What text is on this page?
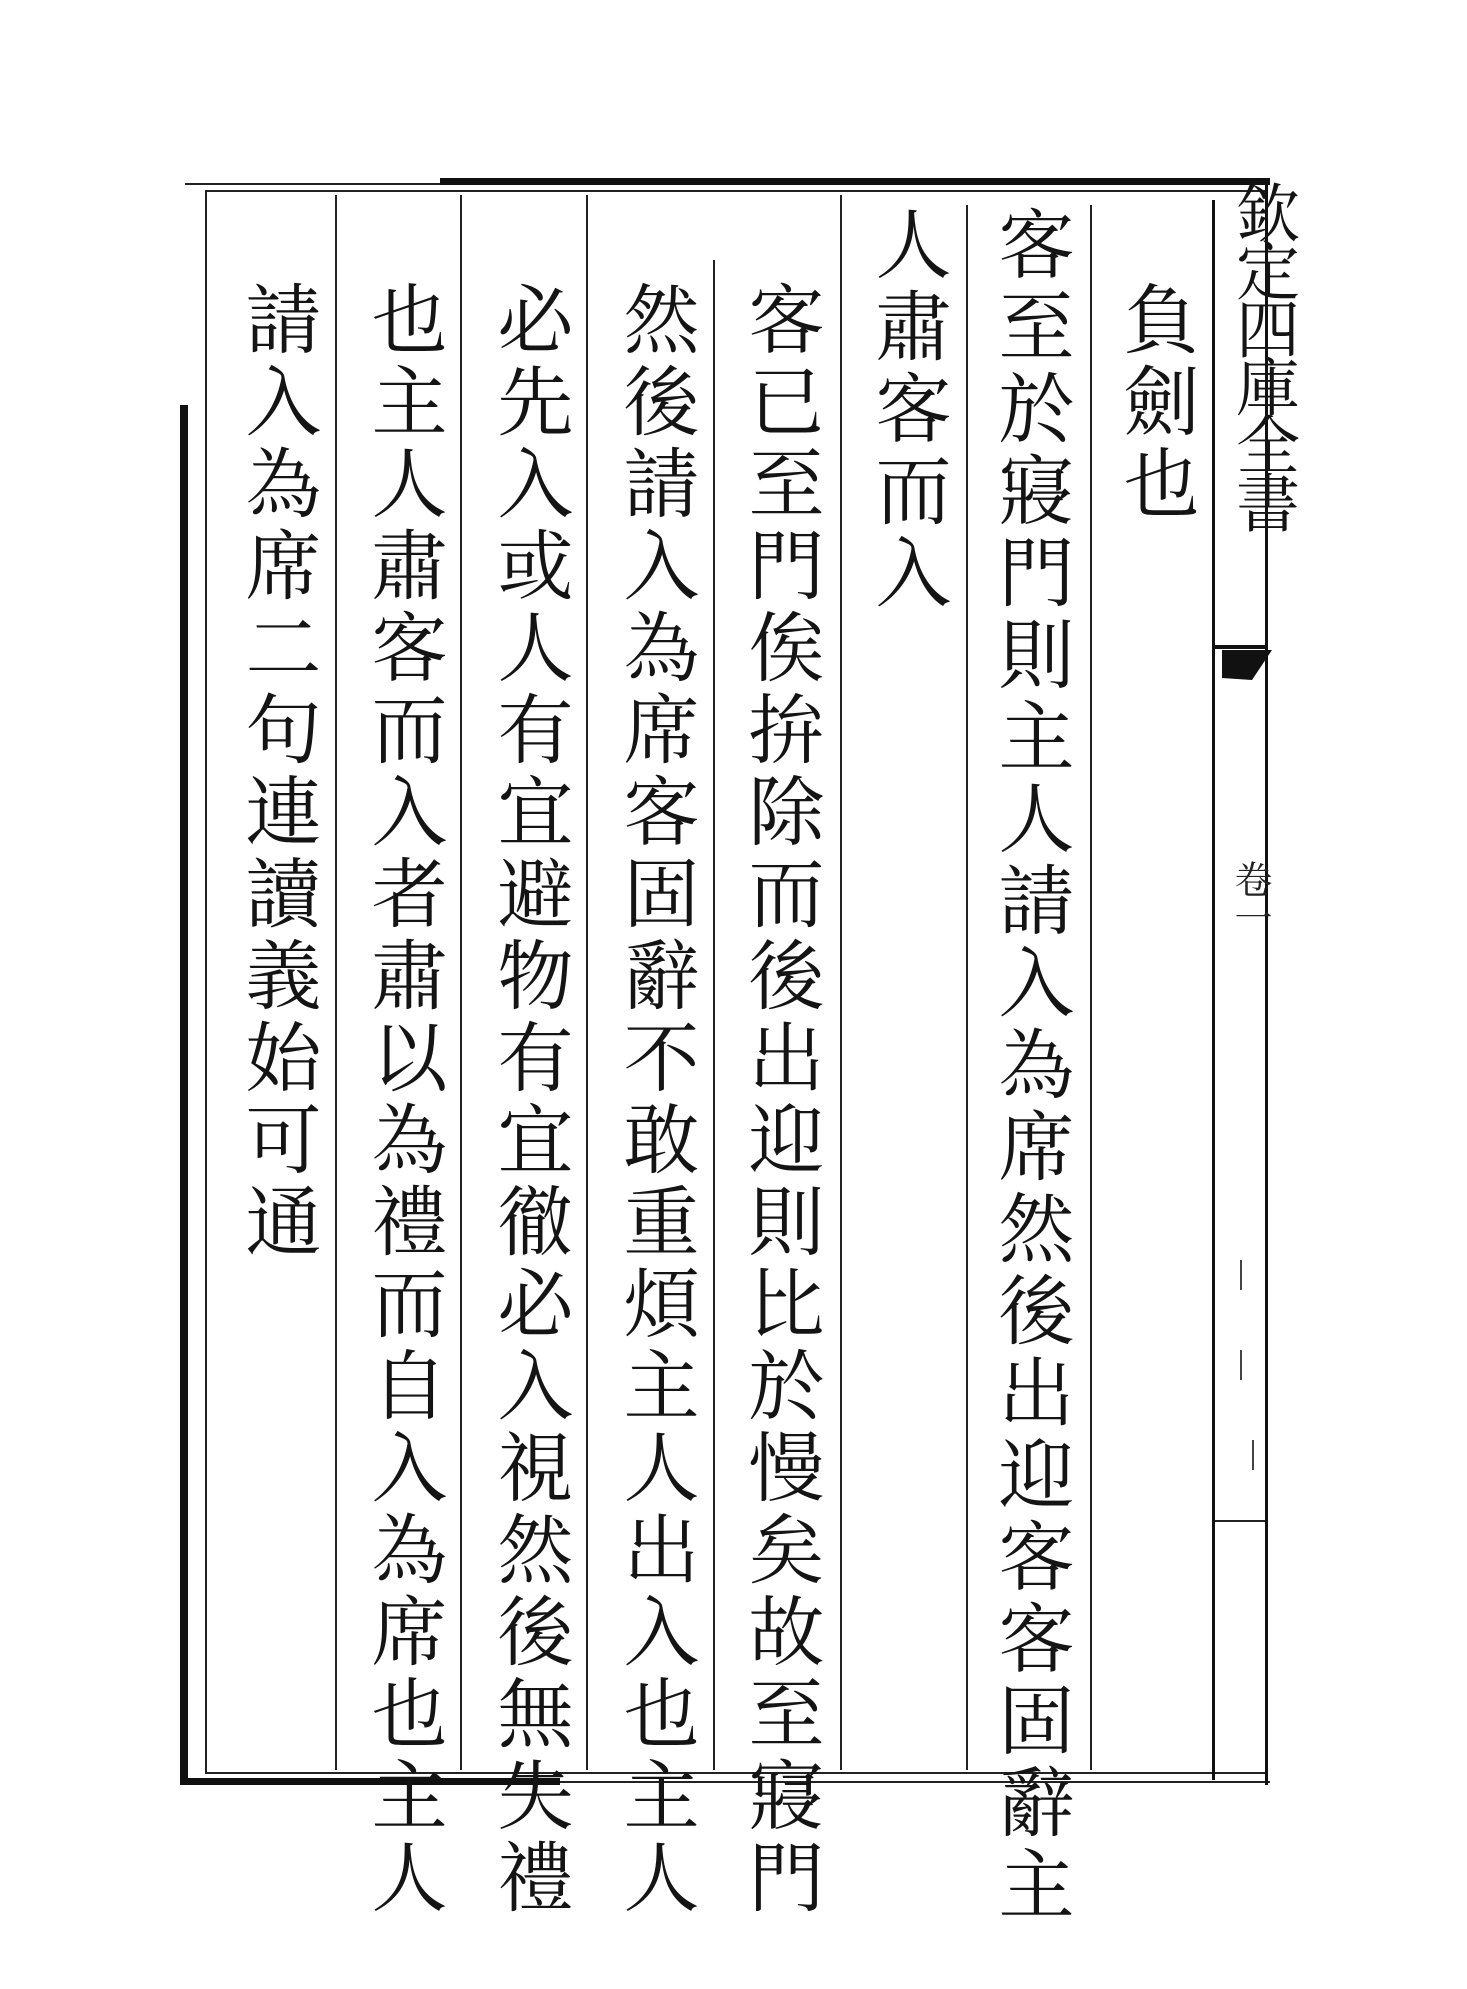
欽定四庫全書
卷一
負劍也
客至於寢門則主人請入為席然後出迎客客固辭主
人肅客而入
客已至門俟拚除而後出迎則比於慢矣故至寢門
然後請入為席客固辭不敢重煩主人出入也主人
必先入或人有宜避物有宜徹必入視然後無失禮
也主人肅客而入者肅以為禮而自入為席也主人
請入為席二句連讀義始可通
